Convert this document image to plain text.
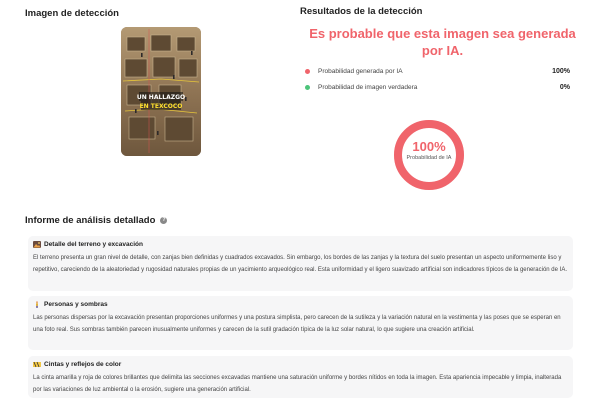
Imagen de detección
UN HALLAZGO
EN TEXCOCO
Resultados de la detección
Es probable que esta imagen sea generada por IA.
Probabilidad generada por IA	100%
Probabilidad de imagen verdadera	0%
100%
Probabilidad de IA
Informe de análisis detallado	?
Detalle del terreno y excavación
El terreno presenta un gran nivel de detalle, con zanjas bien definidas y cuadrados excavados. Sin embargo, los bordes de las zanjas y la textura del suelo presentan un aspecto uniformemente liso y repetitivo, careciendo de la aleatoriedad y rugosidad naturales propias de un yacimiento arqueológico real. Esta uniformidad y el ligero suavizado artificial son indicadores típicos de la generación de IA.
Personas y sombras
Las personas dispersas por la excavación presentan proporciones uniformes y una postura simplista, pero carecen de la sutileza y la variación natural en la vestimenta y las poses que se esperan en una foto real. Sus sombras también parecen inusualmente uniformes y carecen de la sutil gradación típica de la luz solar natural, lo que sugiere una creación artificial.
Cintas y reflejos de color
La cinta amarilla y roja de colores brillantes que delimita las secciones excavadas mantiene una saturación uniforme y bordes nítidos en toda la imagen. Esta apariencia impecable y limpia, inalterada por las variaciones de luz ambiental o la erosión, sugiere una generación artificial.
